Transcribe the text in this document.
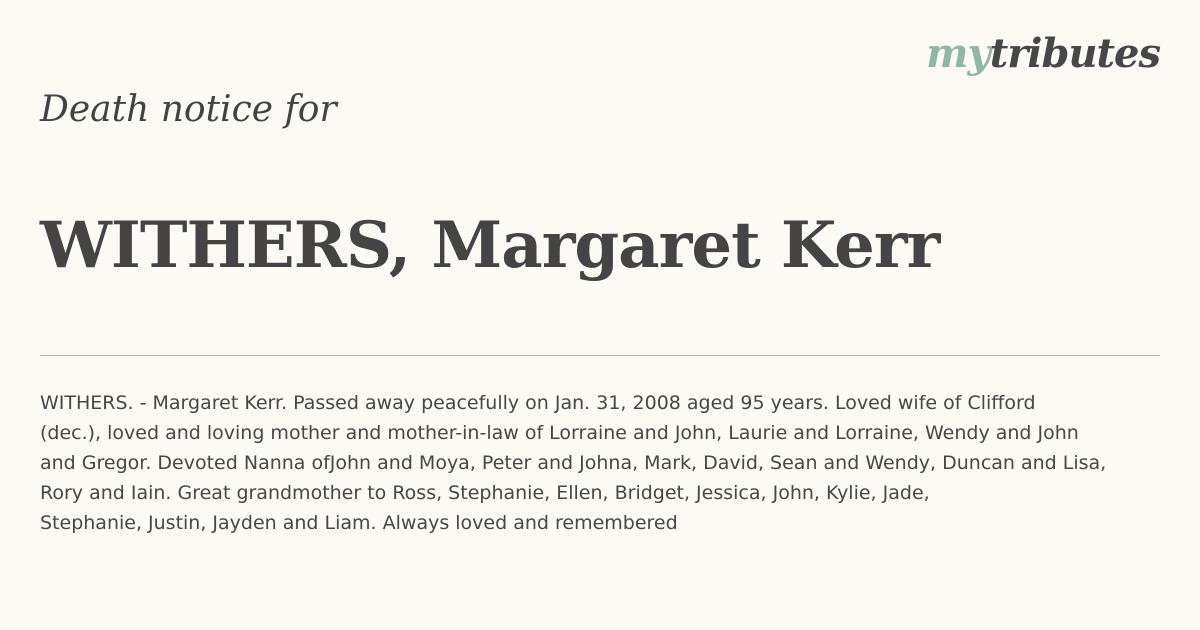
mytributes
Death notice for
WITHERS, Margaret Kerr

WITHERS. - Margaret Kerr. Passed away peacefully on Jan. 31, 2008 aged 95 years. Loved wife of Clifford
(dec.), loved and loving mother and mother-in-law of Lorraine and John, Laurie and Lorraine, Wendy and John
and Gregor. Devoted Nanna ofJohn and Moya, Peter and Johna, Mark, David, Sean and Wendy, Duncan and Lisa,
Rory and Iain. Great grandmother to Ross, Stephanie, Ellen, Bridget, Jessica, John, Kylie, Jade,
Stephanie, Justin, Jayden and Liam. Always loved and remembered
